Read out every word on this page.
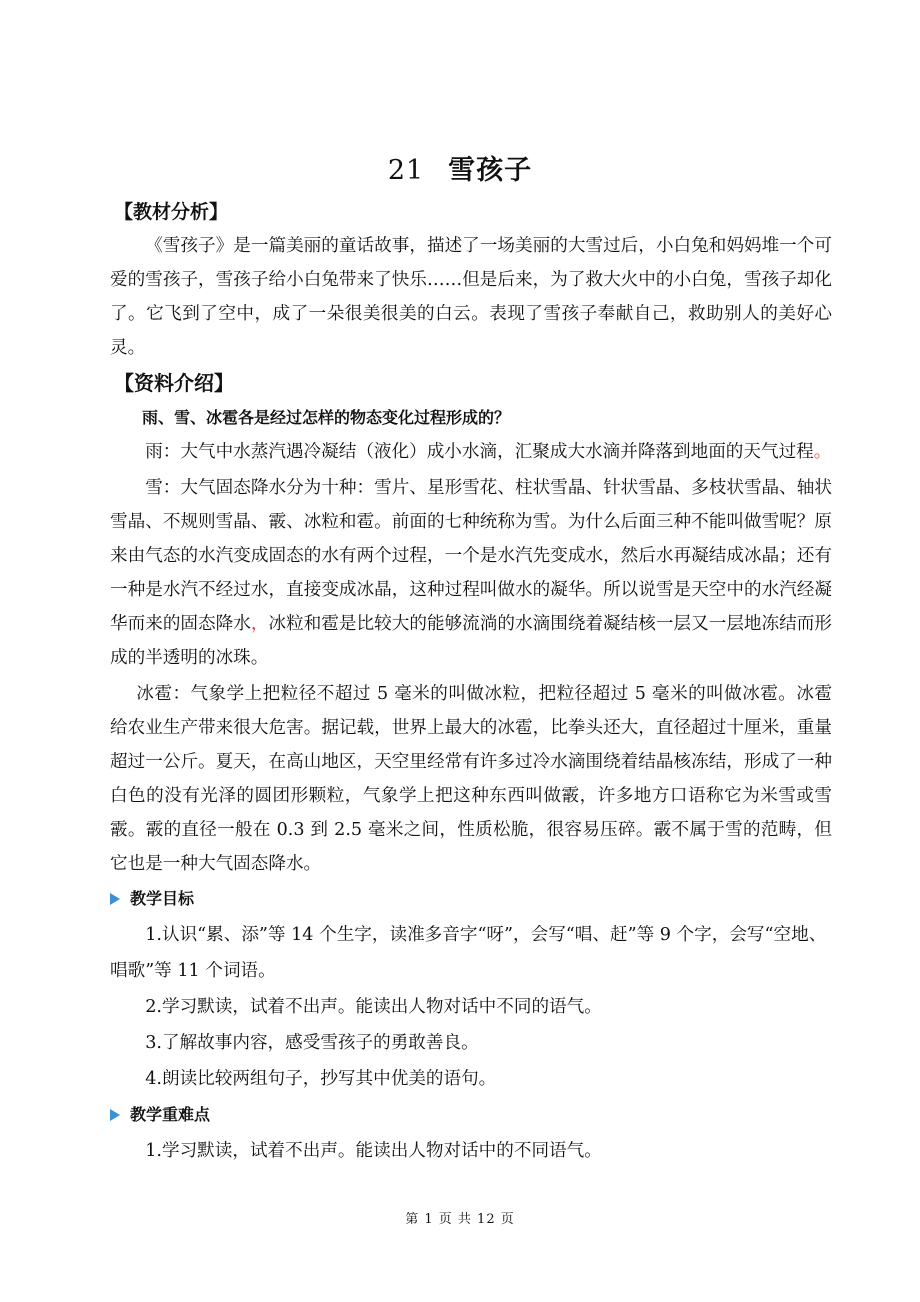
21 雪孩子
【教材分析】

《雪孩子》是一篇美丽的童话故事，描述了一场美丽的大雪过后，小白兔和妈妈堆一个可爱的雪孩子，雪孩子给小白兔带来了快乐……但是后来，为了救大火中的小白兔，雪孩子却化了。它飞到了空中，成了一朵很美很美的白云。表现了雪孩子奉献自己，救助别人的美好心灵。

【资料介绍】
雨、雪、冰雹各是经过怎样的物态变化过程形成的？

雨：大气中水蒸汽遇冷凝结（液化）成小水滴，汇聚成大水滴并降落到地面的天气过程。

雪：大气固态降水分为十种：雪片、星形雪花、柱状雪晶、针状雪晶、多枝状雪晶、轴状雪晶、不规则雪晶、霰、冰粒和雹。前面的七种统称为雪。为什么后面三种不能叫做雪呢？原来由气态的水汽变成固态的水有两个过程，一个是水汽先变成水，然后水再凝结成冰晶；还有一种是水汽不经过水，直接变成冰晶，这种过程叫做水的凝华。所以说雪是天空中的水汽经凝华而来的固态降水，冰粒和雹是比较大的能够流淌的水滴围绕着凝结核一层又一层地冻结而形成的半透明的冰珠。

冰雹：气象学上把粒径不超过 5 毫米的叫做冰粒，把粒径超过 5 毫米的叫做冰雹。冰雹给农业生产带来很大危害。据记载，世界上最大的冰雹，比拳头还大，直径超过十厘米，重量超过一公斤。夏天，在高山地区，天空里经常有许多过冷水滴围绕着结晶核冻结，形成了一种白色的没有光泽的圆团形颗粒，气象学上把这种东西叫做霰，许多地方口语称它为米雪或雪霰。霰的直径一般在 0.3 到 2.5 毫米之间，性质松脆，很容易压碎。霰不属于雪的范畴，但它也是一种大气固态降水。

教学目标

1.认识“累、添”等 14 个生字，读准多音字“呀”，会写“唱、赶”等 9 个字，会写“空地、唱歌”等 11 个词语。

2.学习默读，试着不出声。能读出人物对话中不同的语气。

3.了解故事内容，感受雪孩子的勇敢善良。

4.朗读比较两组句子，抄写其中优美的语句。

教学重难点

1.学习默读，试着不出声。能读出人物对话中的不同语气。

第 1 页 共 12 页
